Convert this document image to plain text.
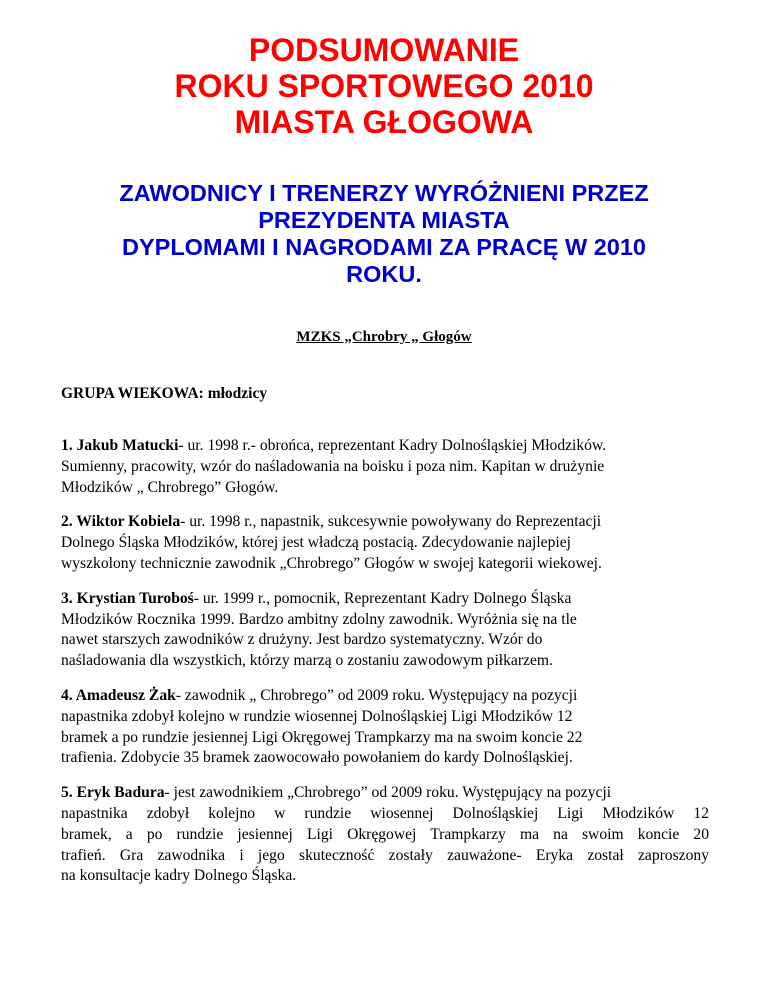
PODSUMOWANIE
ROKU SPORTOWEGO 2010
MIASTA GŁOGOWA
ZAWODNICY I TRENERZY WYRÓŻNIENI PRZEZ
PREZYDENTA MIASTA
DYPLOMAMI I NAGRODAMI ZA PRACĘ W 2010
ROKU.
MZKS „Chrobry „ Głogów
GRUPA WIEKOWA: młodzicy
1. Jakub Matucki- ur. 1998 r.- obrońca, reprezentant Kadry Dolnośląskiej Młodzików.
Sumienny, pracowity, wzór do naśladowania na boisku i poza nim. Kapitan w drużynie
Młodzików „ Chrobrego” Głogów.
2. Wiktor Kobiela- ur. 1998 r., napastnik, sukcesywnie powoływany do Reprezentacji
Dolnego Śląska Młodzików, której jest władczą postacią. Zdecydowanie najlepiej
wyszkolony technicznie zawodnik „Chrobrego” Głogów w swojej kategorii wiekowej.
3. Krystian Turoboś- ur. 1999 r., pomocnik, Reprezentant Kadry Dolnego Śląska
Młodzików Rocznika 1999. Bardzo ambitny zdolny zawodnik. Wyróżnia się na tle
nawet starszych zawodników z drużyny. Jest bardzo systematyczny. Wzór do
naśladowania dla wszystkich, którzy marzą o zostaniu zawodowym piłkarzem.
4. Amadeusz Żak- zawodnik „ Chrobrego” od 2009 roku. Występujący na pozycji
napastnika zdobył kolejno w rundzie wiosennej Dolnośląskiej Ligi Młodzików 12
bramek a po rundzie jesiennej Ligi Okręgowej Trampkarzy ma na swoim koncie 22
trafienia. Zdobycie 35 bramek zaowocowało powołaniem do kardy Dolnośląskiej.
5. Eryk Badura- jest zawodnikiem „Chrobrego” od 2009 roku. Występujący na pozycji
napastnika zdobył kolejno w rundzie wiosennej Dolnośląskiej Ligi Młodzików 12
bramek, a po rundzie jesiennej Ligi Okręgowej Trampkarzy ma na swoim koncie 20
trafień. Gra zawodnika i jego skuteczność zostały zauważone- Eryka został zaproszony
na konsultacje kadry Dolnego Śląska.
